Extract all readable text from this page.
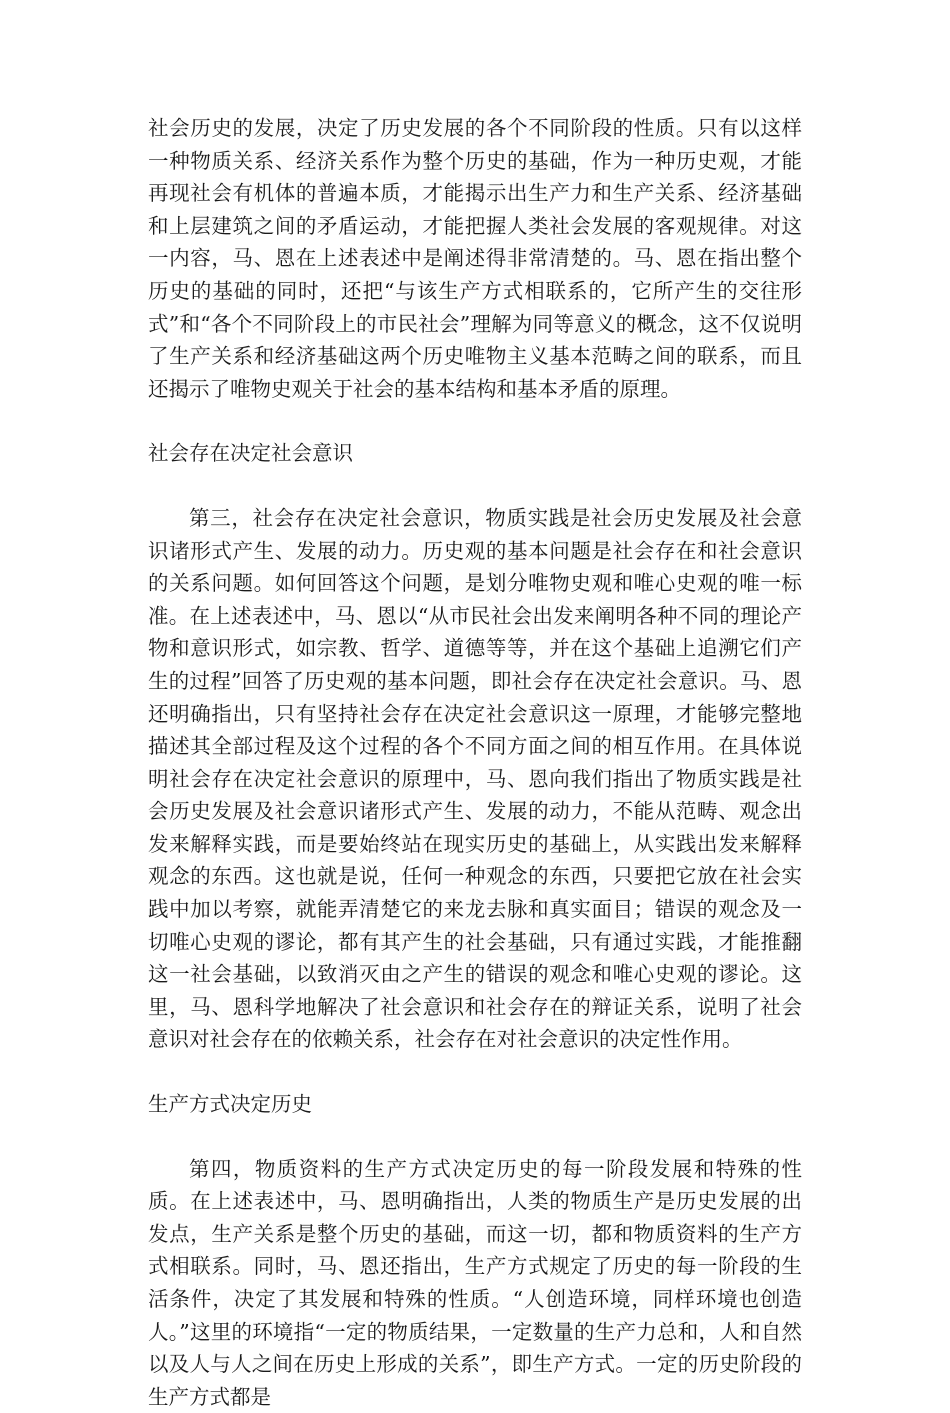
社会历史的发展，决定了历史发展的各个不同阶段的性质。只有以这样一种物质关系、经济关系作为整个历史的基础，作为一种历史观，才能再现社会有机体的普遍本质，才能揭示出生产力和生产关系、经济基础和上层建筑之间的矛盾运动，才能把握人类社会发展的客观规律。对这一内容，马、恩在上述表述中是阐述得非常清楚的。马、恩在指出整个历史的基础的同时，还把“与该生产方式相联系的，它所产生的交往形式”和“各个不同阶段上的市民社会”理解为同等意义的概念，这不仅说明了生产关系和经济基础这两个历史唯物主义基本范畴之间的联系，而且还揭示了唯物史观关于社会的基本结构和基本矛盾的原理。

社会存在决定社会意识

第三，社会存在决定社会意识，物质实践是社会历史发展及社会意识诸形式产生、发展的动力。历史观的基本问题是社会存在和社会意识的关系问题。如何回答这个问题，是划分唯物史观和唯心史观的唯一标准。在上述表述中，马、恩以“从市民社会出发来阐明各种不同的理论产物和意识形式，如宗教、哲学、道德等等，并在这个基础上追溯它们产生的过程”回答了历史观的基本问题，即社会存在决定社会意识。马、恩还明确指出，只有坚持社会存在决定社会意识这一原理，才能够完整地描述其全部过程及这个过程的各个不同方面之间的相互作用。在具体说明社会存在决定社会意识的原理中，马、恩向我们指出了物质实践是社会历史发展及社会意识诸形式产生、发展的动力，不能从范畴、观念出发来解释实践，而是要始终站在现实历史的基础上，从实践出发来解释观念的东西。这也就是说，任何一种观念的东西，只要把它放在社会实践中加以考察，就能弄清楚它的来龙去脉和真实面目；错误的观念及一切唯心史观的谬论，都有其产生的社会基础，只有通过实践，才能推翻这一社会基础，以致消灭由之产生的错误的观念和唯心史观的谬论。这里，马、恩科学地解决了社会意识和社会存在的辩证关系，说明了社会意识对社会存在的依赖关系，社会存在对社会意识的决定性作用。

生产方式决定历史

第四，物质资料的生产方式决定历史的每一阶段发展和特殊的性质。在上述表述中，马、恩明确指出，人类的物质生产是历史发展的出发点，生产关系是整个历史的基础，而这一切，都和物质资料的生产方式相联系。同时，马、恩还指出，生产方式规定了历史的每一阶段的生活条件，决定了其发展和特殊的性质。“人创造环境，同样环境也创造人。”这里的环境指“一定的物质结果，一定数量的生产力总和，人和自然以及人与人之间在历史上形成的关系”，即生产方式。一定的历史阶段的生产方式都是
